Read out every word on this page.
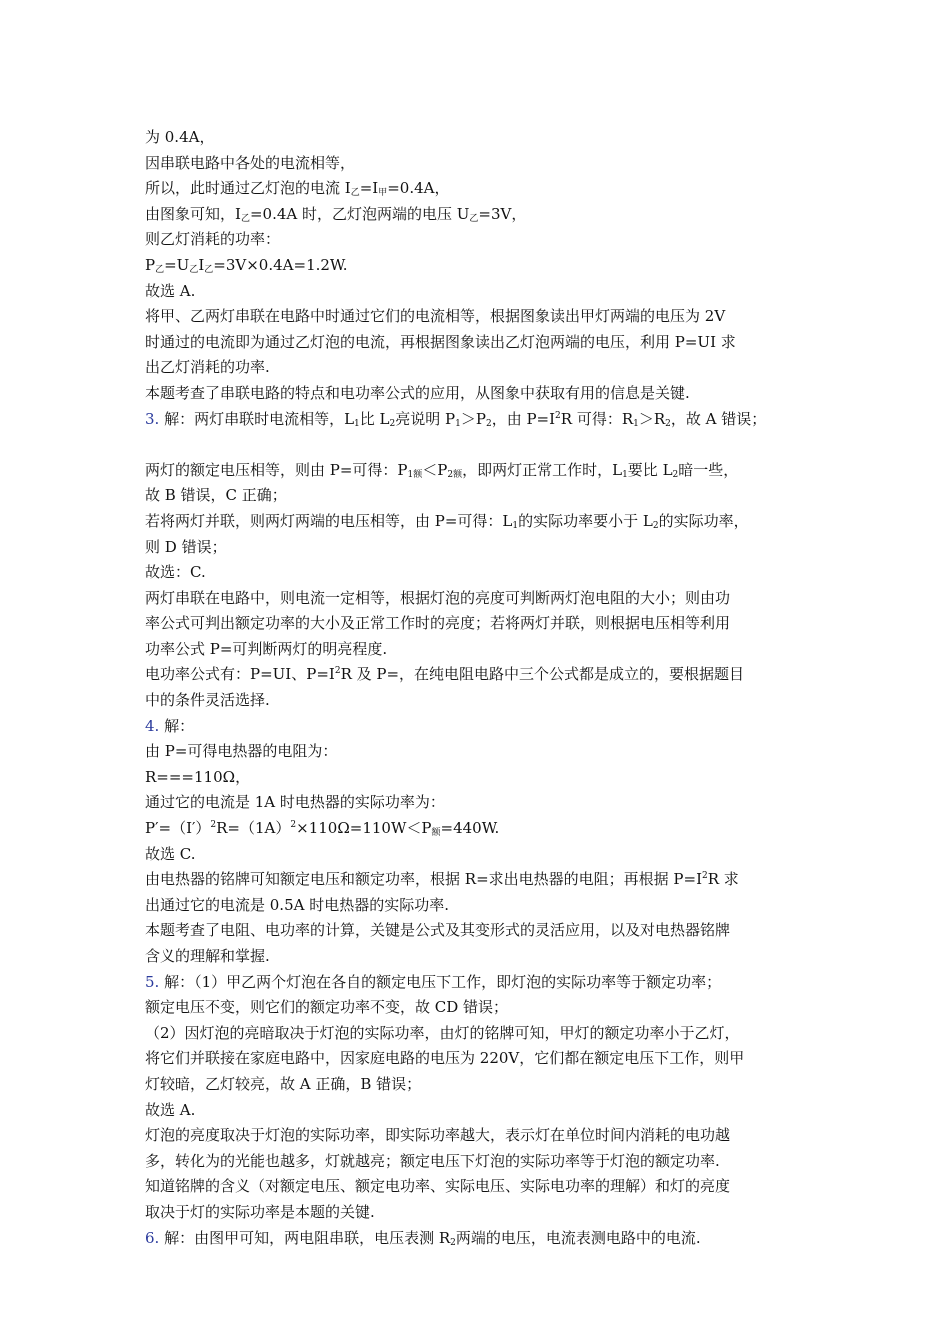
为 0.4A，
因串联电路中各处的电流相等，
所以，此时通过乙灯泡的电流 $I_乙=I_甲=0.4A$，
由图象可知，$I_乙=0.4A$ 时，乙灯泡两端的电压 $U_乙=3V$，
则乙灯消耗的功率：
$P_乙=U_乙I_乙=3V\times 0.4A=1.2W$.
故选 A.
将甲、乙两灯串联在电路中时通过它们的电流相等，根据图象读出甲灯两端的电压为 2V
时通过的电流即为通过乙灯泡的电流，再根据图象读出乙灯泡两端的电压，利用 P=UI 求
出乙灯消耗的功率.
本题考查了串联电路的特点和电功率公式的应用，从图象中获取有用的信息是关键.
3. 解：两灯串联时电流相等，$L_1$比 $L_2$亮说明 $P_1>P_2$，由 $P=I^2R$ 可得：$R_1>R_2$，故 A 错误；
两灯的额定电压相等，则由 P=可得：$P_{1额}<P_{2额}$，即两灯正常工作时，$L_1$要比 $L_2$暗一些，
故 B 错误，C 正确；
若将两灯并联，则两灯两端的电压相等，由 P=可得：$L_1$的实际功率要小于 $L_2$的实际功率，
则 D 错误；
故选：C.
两灯串联在电路中，则电流一定相等，根据灯泡的亮度可判断两灯泡电阻的大小；则由功
率公式可判出额定功率的大小及正常工作时的亮度；若将两灯并联，则根据电压相等利用
功率公式 P=可判断两灯的明亮程度.
电功率公式有：P=UI、$P=I^2R$ 及 P=，在纯电阻电路中三个公式都是成立的，要根据题目
中的条件灵活选择.
4. 解：
由 P=可得电热器的电阻为：
R===110Ω，
通过它的电流是 1A 时电热器的实际功率为：
$P'=(I')^2R=(1A)^2\times 110\Omega=110W<P_额=440W$.
故选 C.
由电热器的铭牌可知额定电压和额定功率，根据 R=求出电热器的电阻；再根据 $P=I^2R$ 求
出通过它的电流是 0.5A 时电热器的实际功率.
本题考查了电阻、电功率的计算，关键是公式及其变形式的灵活应用，以及对电热器铭牌
含义的理解和掌握.
5. 解：（1）甲乙两个灯泡在各自的额定电压下工作，即灯泡的实际功率等于额定功率；
额定电压不变，则它们的额定功率不变，故 CD 错误；
（2）因灯泡的亮暗取决于灯泡的实际功率，由灯的铭牌可知，甲灯的额定功率小于乙灯，
将它们并联接在家庭电路中，因家庭电路的电压为 220V，它们都在额定电压下工作，则甲
灯较暗，乙灯较亮，故 A 正确，B 错误；
故选 A.
灯泡的亮度取决于灯泡的实际功率，即实际功率越大，表示灯在单位时间内消耗的电功越
多，转化为的光能也越多，灯就越亮；额定电压下灯泡的实际功率等于灯泡的额定功率.
知道铭牌的含义（对额定电压、额定电功率、实际电压、实际电功率的理解）和灯的亮度
取决于灯的实际功率是本题的关键.
6. 解：由图甲可知，两电阻串联，电压表测 $R_2$两端的电压，电流表测电路中的电流.
